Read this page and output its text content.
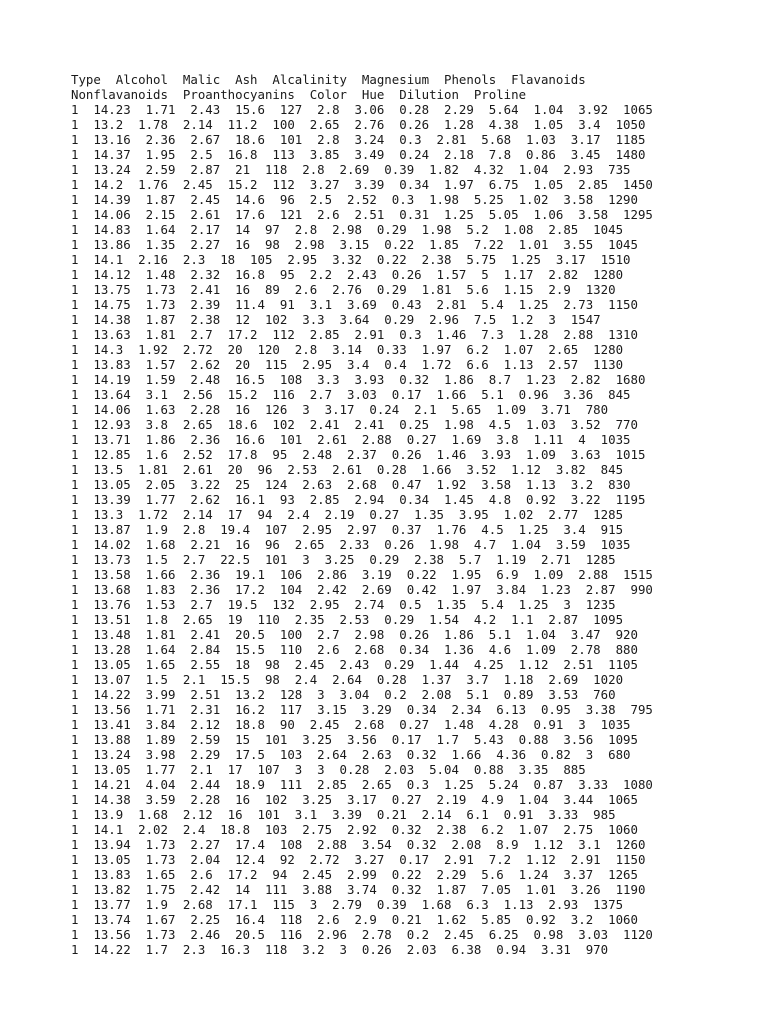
Type  Alcohol  Malic  Ash  Alcalinity  Magnesium  Phenols  Flavanoids
Nonflavanoids  Proanthocyanins  Color  Hue  Dilution  Proline
1  14.23  1.71  2.43  15.6  127  2.8  3.06  0.28  2.29  5.64  1.04  3.92  1065
1  13.2  1.78  2.14  11.2  100  2.65  2.76  0.26  1.28  4.38  1.05  3.4  1050
1  13.16  2.36  2.67  18.6  101  2.8  3.24  0.3  2.81  5.68  1.03  3.17  1185
1  14.37  1.95  2.5  16.8  113  3.85  3.49  0.24  2.18  7.8  0.86  3.45  1480
1  13.24  2.59  2.87  21  118  2.8  2.69  0.39  1.82  4.32  1.04  2.93  735
1  14.2  1.76  2.45  15.2  112  3.27  3.39  0.34  1.97  6.75  1.05  2.85  1450
1  14.39  1.87  2.45  14.6  96  2.5  2.52  0.3  1.98  5.25  1.02  3.58  1290
1  14.06  2.15  2.61  17.6  121  2.6  2.51  0.31  1.25  5.05  1.06  3.58  1295
1  14.83  1.64  2.17  14  97  2.8  2.98  0.29  1.98  5.2  1.08  2.85  1045
1  13.86  1.35  2.27  16  98  2.98  3.15  0.22  1.85  7.22  1.01  3.55  1045
1  14.1  2.16  2.3  18  105  2.95  3.32  0.22  2.38  5.75  1.25  3.17  1510
1  14.12  1.48  2.32  16.8  95  2.2  2.43  0.26  1.57  5  1.17  2.82  1280
1  13.75  1.73  2.41  16  89  2.6  2.76  0.29  1.81  5.6  1.15  2.9  1320
1  14.75  1.73  2.39  11.4  91  3.1  3.69  0.43  2.81  5.4  1.25  2.73  1150
1  14.38  1.87  2.38  12  102  3.3  3.64  0.29  2.96  7.5  1.2  3  1547
1  13.63  1.81  2.7  17.2  112  2.85  2.91  0.3  1.46  7.3  1.28  2.88  1310
1  14.3  1.92  2.72  20  120  2.8  3.14  0.33  1.97  6.2  1.07  2.65  1280
1  13.83  1.57  2.62  20  115  2.95  3.4  0.4  1.72  6.6  1.13  2.57  1130
1  14.19  1.59  2.48  16.5  108  3.3  3.93  0.32  1.86  8.7  1.23  2.82  1680
1  13.64  3.1  2.56  15.2  116  2.7  3.03  0.17  1.66  5.1  0.96  3.36  845
1  14.06  1.63  2.28  16  126  3  3.17  0.24  2.1  5.65  1.09  3.71  780
1  12.93  3.8  2.65  18.6  102  2.41  2.41  0.25  1.98  4.5  1.03  3.52  770
1  13.71  1.86  2.36  16.6  101  2.61  2.88  0.27  1.69  3.8  1.11  4  1035
1  12.85  1.6  2.52  17.8  95  2.48  2.37  0.26  1.46  3.93  1.09  3.63  1015
1  13.5  1.81  2.61  20  96  2.53  2.61  0.28  1.66  3.52  1.12  3.82  845
1  13.05  2.05  3.22  25  124  2.63  2.68  0.47  1.92  3.58  1.13  3.2  830
1  13.39  1.77  2.62  16.1  93  2.85  2.94  0.34  1.45  4.8  0.92  3.22  1195
1  13.3  1.72  2.14  17  94  2.4  2.19  0.27  1.35  3.95  1.02  2.77  1285
1  13.87  1.9  2.8  19.4  107  2.95  2.97  0.37  1.76  4.5  1.25  3.4  915
1  14.02  1.68  2.21  16  96  2.65  2.33  0.26  1.98  4.7  1.04  3.59  1035
1  13.73  1.5  2.7  22.5  101  3  3.25  0.29  2.38  5.7  1.19  2.71  1285
1  13.58  1.66  2.36  19.1  106  2.86  3.19  0.22  1.95  6.9  1.09  2.88  1515
1  13.68  1.83  2.36  17.2  104  2.42  2.69  0.42  1.97  3.84  1.23  2.87  990
1  13.76  1.53  2.7  19.5  132  2.95  2.74  0.5  1.35  5.4  1.25  3  1235
1  13.51  1.8  2.65  19  110  2.35  2.53  0.29  1.54  4.2  1.1  2.87  1095
1  13.48  1.81  2.41  20.5  100  2.7  2.98  0.26  1.86  5.1  1.04  3.47  920
1  13.28  1.64  2.84  15.5  110  2.6  2.68  0.34  1.36  4.6  1.09  2.78  880
1  13.05  1.65  2.55  18  98  2.45  2.43  0.29  1.44  4.25  1.12  2.51  1105
1  13.07  1.5  2.1  15.5  98  2.4  2.64  0.28  1.37  3.7  1.18  2.69  1020
1  14.22  3.99  2.51  13.2  128  3  3.04  0.2  2.08  5.1  0.89  3.53  760
1  13.56  1.71  2.31  16.2  117  3.15  3.29  0.34  2.34  6.13  0.95  3.38  795
1  13.41  3.84  2.12  18.8  90  2.45  2.68  0.27  1.48  4.28  0.91  3  1035
1  13.88  1.89  2.59  15  101  3.25  3.56  0.17  1.7  5.43  0.88  3.56  1095
1  13.24  3.98  2.29  17.5  103  2.64  2.63  0.32  1.66  4.36  0.82  3  680
1  13.05  1.77  2.1  17  107  3  3  0.28  2.03  5.04  0.88  3.35  885
1  14.21  4.04  2.44  18.9  111  2.85  2.65  0.3  1.25  5.24  0.87  3.33  1080
1  14.38  3.59  2.28  16  102  3.25  3.17  0.27  2.19  4.9  1.04  3.44  1065
1  13.9  1.68  2.12  16  101  3.1  3.39  0.21  2.14  6.1  0.91  3.33  985
1  14.1  2.02  2.4  18.8  103  2.75  2.92  0.32  2.38  6.2  1.07  2.75  1060
1  13.94  1.73  2.27  17.4  108  2.88  3.54  0.32  2.08  8.9  1.12  3.1  1260
1  13.05  1.73  2.04  12.4  92  2.72  3.27  0.17  2.91  7.2  1.12  2.91  1150
1  13.83  1.65  2.6  17.2  94  2.45  2.99  0.22  2.29  5.6  1.24  3.37  1265
1  13.82  1.75  2.42  14  111  3.88  3.74  0.32  1.87  7.05  1.01  3.26  1190
1  13.77  1.9  2.68  17.1  115  3  2.79  0.39  1.68  6.3  1.13  2.93  1375
1  13.74  1.67  2.25  16.4  118  2.6  2.9  0.21  1.62  5.85  0.92  3.2  1060
1  13.56  1.73  2.46  20.5  116  2.96  2.78  0.2  2.45  6.25  0.98  3.03  1120
1  14.22  1.7  2.3  16.3  118  3.2  3  0.26  2.03  6.38  0.94  3.31  970
